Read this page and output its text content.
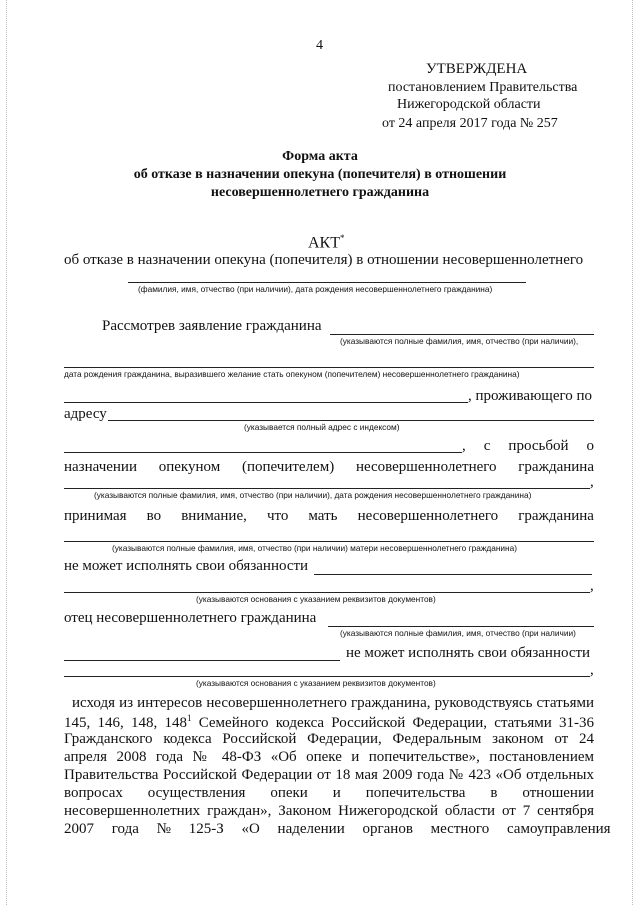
4
УТВЕРЖДЕНА
постановлением Правительства
Нижегородской области
от 24 апреля 2017 года № 257
Форма акта
об отказе в назначении опекуна (попечителя) в отношении
несовершеннолетнего гражданина
АКТ*
об отказе в назначении опекуна (попечителя) в отношении несовершеннолетнего
(фамилия, имя, отчество (при наличии), дата рождения несовершеннолетнего гражданина)
Рассмотрев заявление гражданина
(указываются полные фамилия, имя, отчество (при наличии),
дата рождения гражданина, выразившего желание стать опекуном (попечителем) несовершеннолетнего гражданина)
, проживающего по
адресу
(указывается полный адрес с индексом)
, с просьбой о
назначении опекуном (попечителем) несовершеннолетнего гражданина
,
(указываются полные фамилия, имя, отчество (при наличии), дата рождения несовершеннолетнего гражданина)
принимая во внимание, что мать несовершеннолетнего гражданина
(указываются полные фамилия, имя, отчество (при наличии) матери несовершеннолетнего гражданина)
не может исполнять свои обязанности
,
(указываются основания с указанием реквизитов документов)
отец несовершеннолетнего гражданина
(указываются полные фамилия, имя, отчество (при наличии)
не может исполнять свои обязанности
,
(указываются основания с указанием реквизитов документов)
исходя из интересов несовершеннолетнего гражданина, руководствуясь статьями
145, 146, 148, $148^1$ Семейного кодекса Российской Федерации, статьями 31-36
Гражданского кодекса Российской Федерации, Федеральным законом от 24
апреля 2008 года № 48-ФЗ «Об опеке и попечительстве», постановлением
Правительства Российской Федерации от 18 мая 2009 года № 423 «Об отдельных
вопросах осуществления опеки и попечительства в отношении
несовершеннолетних граждан», Законом Нижегородской области от 7 сентября
2007 года № 125-З «О наделении органов местного самоуправления
